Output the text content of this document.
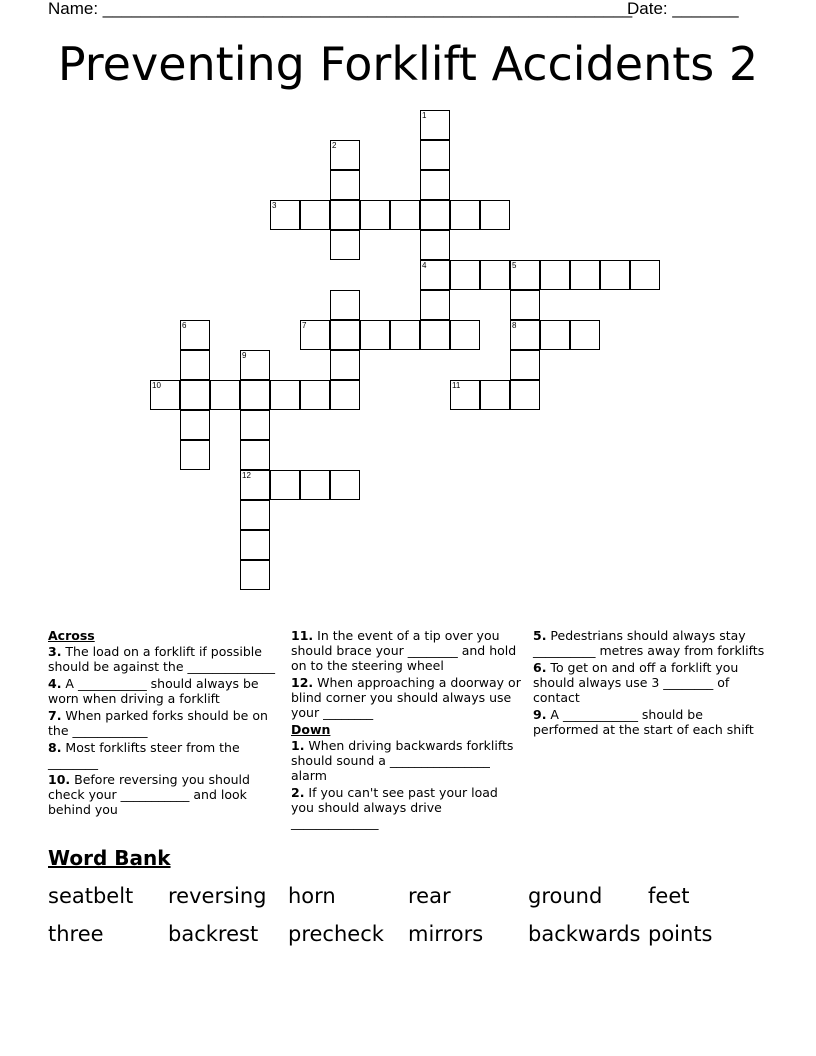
Name: ________________________________________________________
Date: _______
Preventing Forklift Accidents 2
1
2
3
4	5
6	7	8
9
10	11
12
Across
3. The load on a forklift if possible should be against the ______________
4. A ___________ should always be worn when driving a forklift
7. When parked forks should be on the ____________
8. Most forklifts steer from the ________
10. Before reversing you should check your ___________ and look behind you
11. In the event of a tip over you should brace your ________ and hold on to the steering wheel
12. When approaching a doorway or blind corner you should always use your ________
Down
1. When driving backwards forklifts should sound a ________________ alarm
2. If you can't see past your load you should always drive ______________
5. Pedestrians should always stay __________ metres away from forklifts
6. To get on and off a forklift you should always use 3 ________ of contact
9. A ____________ should be performed at the start of each shift
Word Bank
seatbelt reversing horn	rear	ground feet
three	backrest precheck mirrors backwards points
